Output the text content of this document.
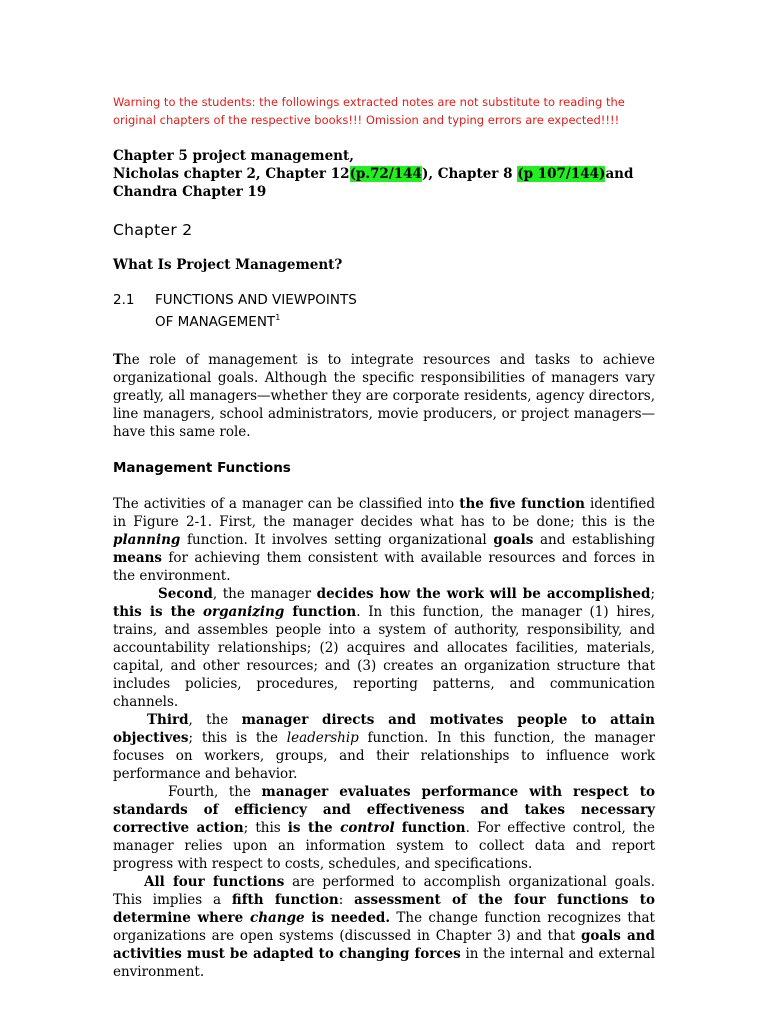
Warning to the students: the followings extracted notes are not substitute to reading the original chapters of the respective books!!! Omission and typing errors are expected!!!!

Chapter 5 project management,
Nicholas chapter 2, Chapter 12(p.72/144), Chapter 8 (p 107/144)and
Chandra Chapter 19

Chapter 2
What Is Project Management?
2.1 FUNCTIONS AND VIEWPOINTS
OF MANAGEMENT$^1$

The role of management is to integrate resources and tasks to achieve organizational goals. Although the specific responsibilities of managers vary greatly, all managers—whether they are corporate residents, agency directors, line managers, school administrators, movie producers, or project managers—have this same role.

Management Functions

The activities of a manager can be classified into the five function identified in Figure 2-1. First, the manager decides what has to be done; this is the planning function. It involves setting organizational goals and establishing means for achieving them consistent with available resources and forces in the environment.

Second, the manager decides how the work will be accomplished; this is the organizing function. In this function, the manager (1) hires, trains, and assembles people into a system of authority, responsibility, and accountability relationships; (2) acquires and allocates facilities, materials, capital, and other resources; and (3) creates an organization structure that includes policies, procedures, reporting patterns, and communication channels.

Third, the manager directs and motivates people to attain objectives; this is the leadership function. In this function, the manager focuses on workers, groups, and their relationships to influence work performance and behavior.

Fourth, the manager evaluates performance with respect to standards of efficiency and effectiveness and takes necessary corrective action; this is the control function. For effective control, the manager relies upon an information system to collect data and report progress with respect to costs, schedules, and specifications.

All four functions are performed to accomplish organizational goals. This implies a fifth function: assessment of the four functions to determine where change is needed. The change function recognizes that organizations are open systems (discussed in Chapter 3) and that goals and activities must be adapted to changing forces in the internal and external environment.
